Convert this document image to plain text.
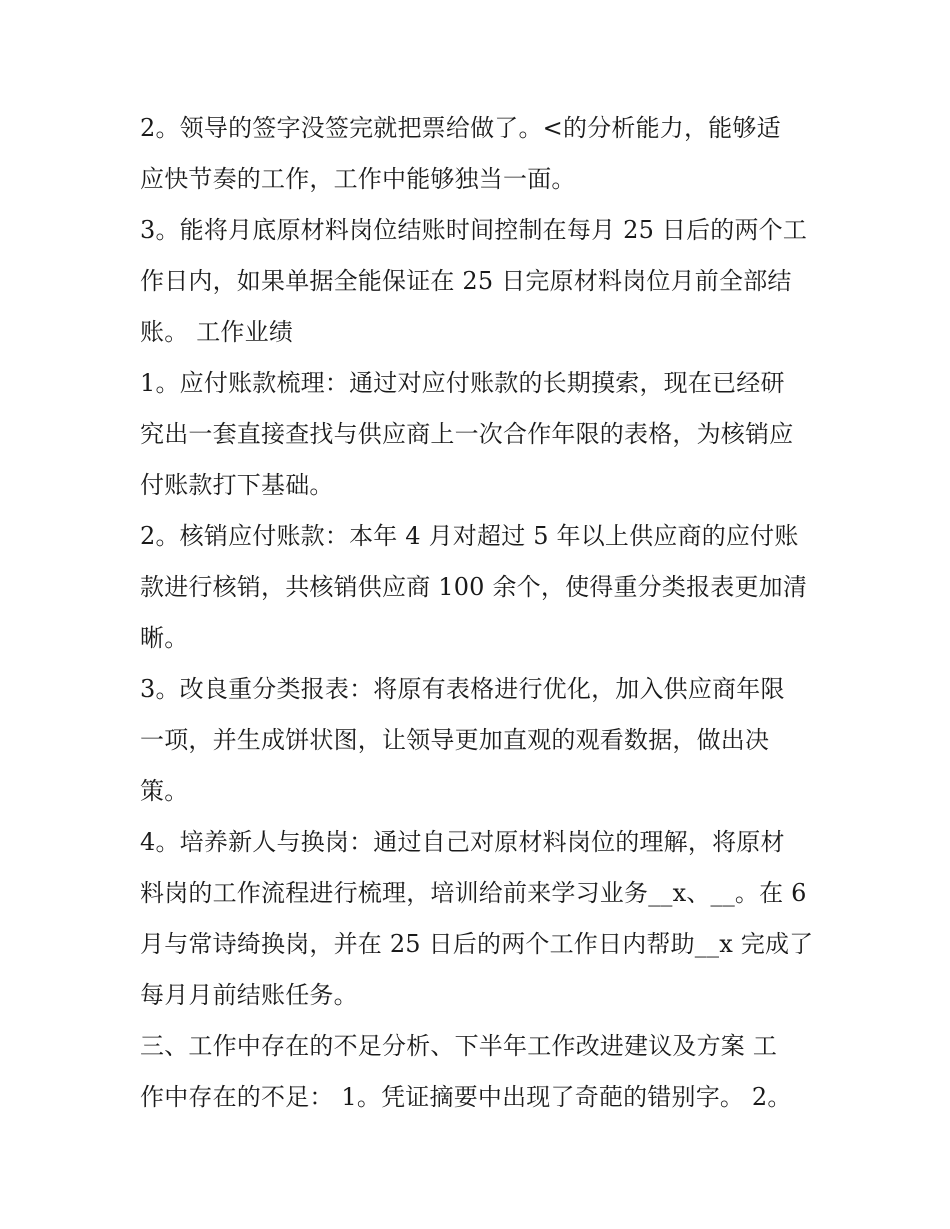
2。领导的签字没签完就把票给做了。<的分析能力，能够适
应快节奏的工作，工作中能够独当一面。
3。能将月底原材料岗位结账时间控制在每月 25 日后的两个工
作日内，如果单据全能保证在 25 日完原材料岗位月前全部结
账。 工作业绩
1。应付账款梳理：通过对应付账款的长期摸索，现在已经研
究出一套直接查找与供应商上一次合作年限的表格，为核销应
付账款打下基础。
2。核销应付账款：本年 4 月对超过 5 年以上供应商的应付账
款进行核销，共核销供应商 100 余个，使得重分类报表更加清
晰。
3。改良重分类报表：将原有表格进行优化，加入供应商年限
一项，并生成饼状图，让领导更加直观的观看数据，做出决
策。
4。培养新人与换岗：通过自己对原材料岗位的理解，将原材
料岗的工作流程进行梳理，培训给前来学习业务__x、__。在 6
月与常诗绮换岗，并在 25 日后的两个工作日内帮助__x 完成了
每月月前结账任务。
三、工作中存在的不足分析、下半年工作改进建议及方案 工
作中存在的不足： 1。凭证摘要中出现了奇葩的错别字。 2。
